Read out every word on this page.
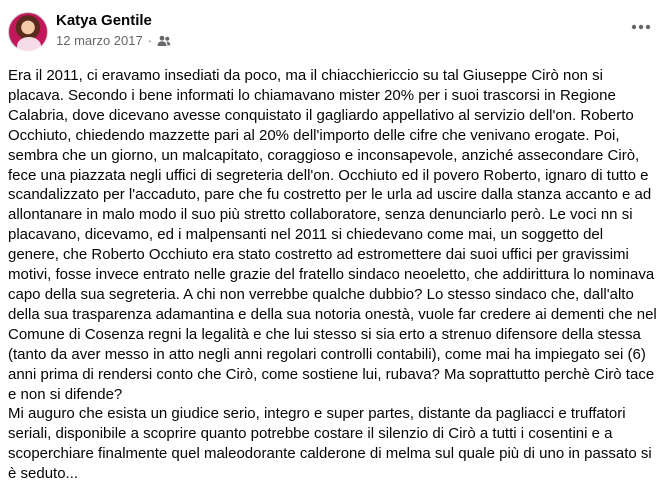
Katya Gentile
12 marzo 2017 ·

Era il 2011, ci eravamo insediati da poco, ma il chiacchiericcio su tal Giuseppe Cirò non si placava. Secondo i bene informati lo chiamavano mister 20% per i suoi trascorsi in Regione Calabria, dove dicevano avesse conquistato il gagliardo appellativo al servizio dell'on. Roberto Occhiuto, chiedendo mazzette pari al 20% dell'importo delle cifre che venivano erogate. Poi, sembra che un giorno, un malcapitato, coraggioso e inconsapevole, anziché assecondare Cirò, fece una piazzata negli uffici di segreteria dell'on. Occhiuto ed il povero Roberto, ignaro di tutto e scandalizzato per l'accaduto, pare che fu costretto per le urla ad uscire dalla stanza accanto e ad allontanare in malo modo il suo più stretto collaboratore, senza denunciarlo però. Le voci nn si placavano, dicevamo, ed i malpensanti nel 2011 si chiedevano come mai, un soggetto del genere, che Roberto Occhiuto era stato costretto ad estromettere dai suoi uffici per gravissimi motivi, fosse invece entrato nelle grazie del fratello sindaco neoeletto, che addirittura lo nominava capo della sua segreteria. A chi non verrebbe qualche dubbio? Lo stesso sindaco che, dall'alto della sua trasparenza adamantina e della sua notoria onestà, vuole far credere ai dementi che nel Comune di Cosenza regni la legalità e che lui stesso si sia erto a strenuo difensore della stessa (tanto da aver messo in atto negli anni regolari controlli contabili), come mai ha impiegato sei (6) anni prima di rendersi conto che Cirò, come sostiene lui, rubava? Ma soprattutto perchè Cirò tace e non si difende?

Mi auguro che esista un giudice serio, integro e super partes, distante da pagliacci e truffatori seriali, disponibile a scoprire quanto potrebbe costare il silenzio di Cirò a tutti i cosentini e a scoperchiare finalmente quel maleodorante calderone di melma sul quale più di uno in passato si è seduto...
